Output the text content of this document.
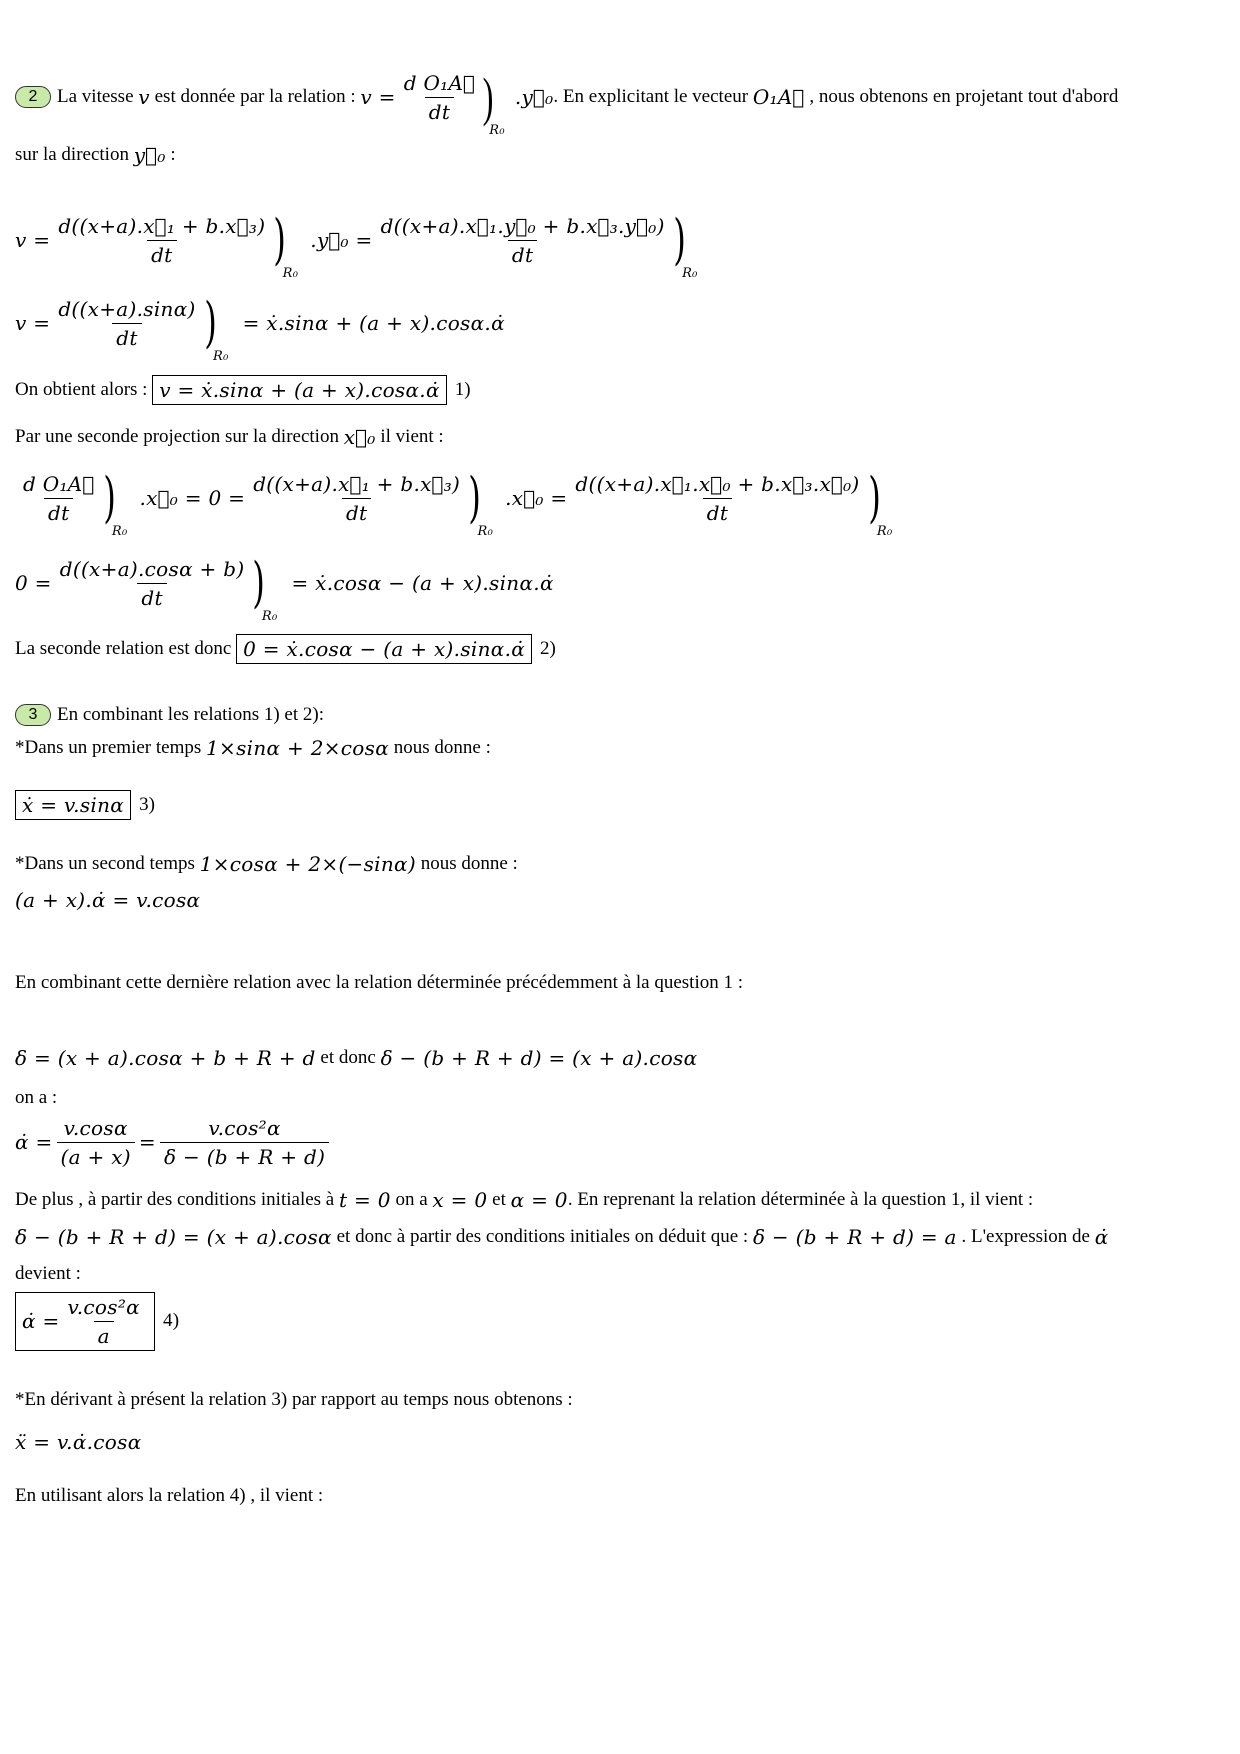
2	La vitesse
v
est donnée par la relation :
$v = \frac{\text{d O₁A⃗}}{dt}$ )
R₀
.y⃗₀ . En explicitant le vecteur
O₁A⃗
, nous obtenons en projetant tout d'abord
sur la direction
y⃗₀
:
$v = \frac{\text{d((x+a).x⃗₁ + b.x⃗₃)}}{dt}$ )
R₀
.y⃗₀ = $\frac{\text{d((x+a).x⃗₁.y⃗₀ + b.x⃗₃.y⃗₀)}}{dt}$ )
R₀
$v = \frac{d((x+a).\sin\alpha)}{dt}$ )
R₀
= ẋ.sinα + (a + x).cosα.α̇
On obtient alors :
v = ẋ.sinα + (a + x).cosα.α̇ 1)
Par une seconde projection sur la direction
x⃗₀
il vient :
$\frac{\text{d O₁A⃗}}{dt}$ )
R₀
.x⃗₀ = $0 = \frac{\text{d((x+a).x⃗₁ + b.x⃗₃)}}{dt}$ )
R₀
.x⃗₀ = $\frac{\text{d((x+a).x⃗₁.x⃗₀ + b.x⃗₃.x⃗₀)}}{dt}$ )
R₀
$0 = \frac{d((x+a).\cos\alpha + b)}{dt}$ )
R₀
= ẋ.cosα − (a + x).sinα.α̇
La seconde relation est donc
0 = ẋ.cosα − (a + x).sinα.α̇ 2)
3	En combinant les relations 1) et 2):
*Dans un premier temps
1×sinα + 2×cosα
nous donne :
ẋ = v.sinα 3)
*Dans un second temps
1×cosα + 2×(−sinα)
nous donne :
(a + x).α̇ = v.cosα
En combinant cette dernière relation avec la relation déterminée précédemment à la question 1 :
δ = (x + a).cosα + b + R + d
et donc
δ − (b + R + d) = (x + a).cosα
on a :
α̇ = $\frac{v.\cos\alpha}{(a + x)} = \frac{\text{v.cos²α}}{\delta - (b + R + d)}$
De plus , à partir des conditions initiales à
t = 0
on a
x = 0
et
α = 0 . En reprenant la relation déterminée à la question 1, il vient :
δ − (b + R + d) = (x + a).cosα
et donc à partir des conditions initiales on déduit que :
δ − (b + R + d) = a
. L'expression de
α̇
devient :
α̇ = $\frac{\text{v.cos²α}}{a} 4$)
*En dérivant à présent la relation 3) par rapport au temps nous obtenons :
ẍ = v.α̇.cosα
En utilisant alors la relation 4) , il vient :
